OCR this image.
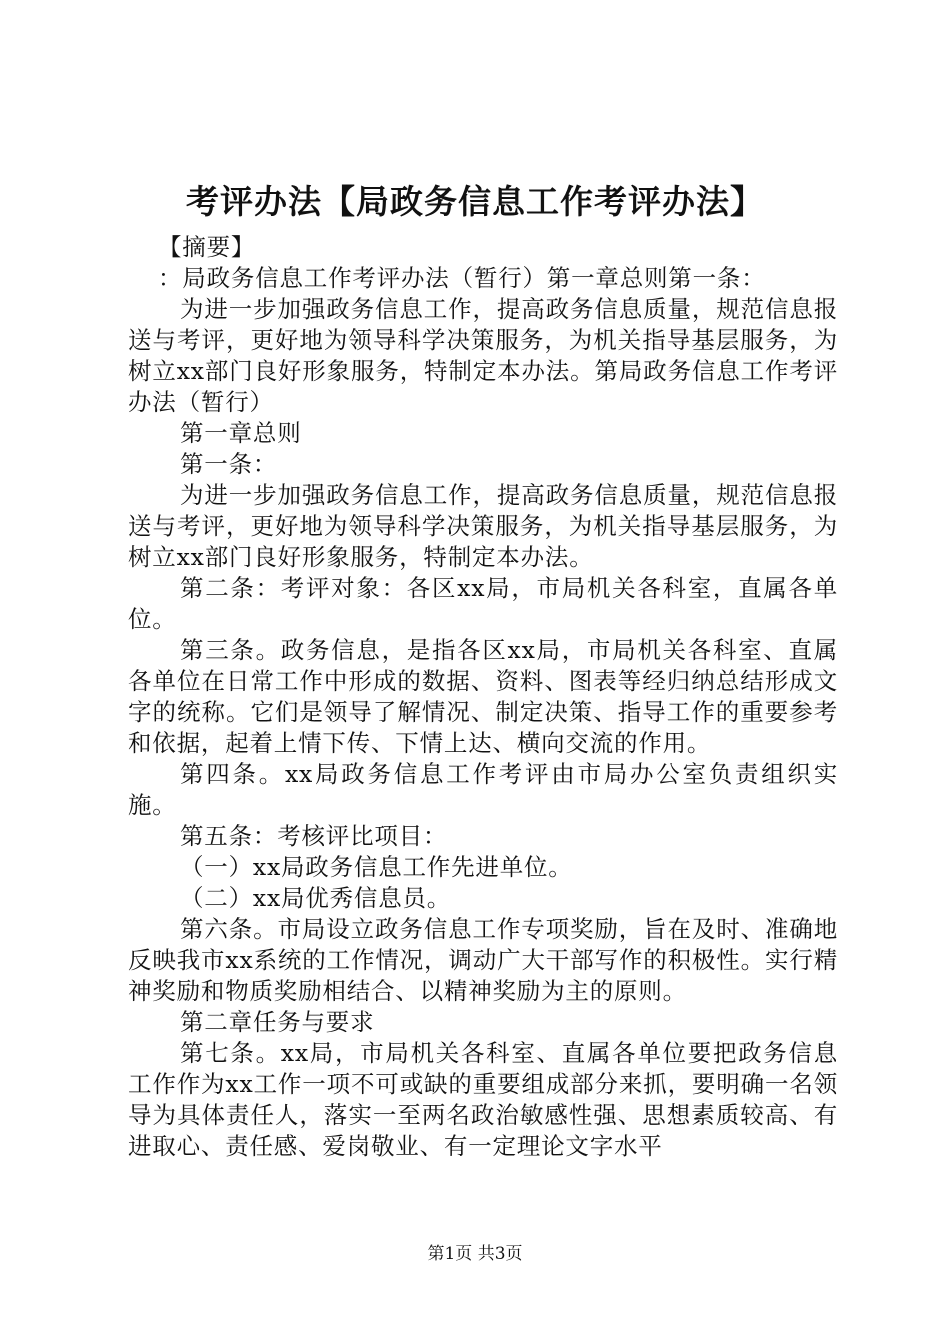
考评办法【局政务信息工作考评办法】

【摘要】

：局政务信息工作考评办法（暂行）第一章总则第一条：

为进一步加强政务信息工作，提高政务信息质量，规范信息报送与考评，更好地为领导科学决策服务，为机关指导基层服务，为树立xx部门良好形象服务，特制定本办法。第局政务信息工作考评办法（暂行）

第一章总则

第一条：

为进一步加强政务信息工作，提高政务信息质量，规范信息报送与考评，更好地为领导科学决策服务，为机关指导基层服务，为树立xx部门良好形象服务，特制定本办法。

第二条：考评对象：各区xx局，市局机关各科室，直属各单位。

第三条。政务信息，是指各区xx局，市局机关各科室、直属各单位在日常工作中形成的数据、资料、图表等经归纳总结形成文字的统称。它们是领导了解情况、制定决策、指导工作的重要参考和依据，起着上情下传、下情上达、横向交流的作用。

第四条。xx局政务信息工作考评由市局办公室负责组织实施。

第五条：考核评比项目：

（一）xx局政务信息工作先进单位。

（二）xx局优秀信息员。

第六条。市局设立政务信息工作专项奖励，旨在及时、准确地反映我市xx系统的工作情况，调动广大干部写作的积极性。实行精神奖励和物质奖励相结合、以精神奖励为主的原则。

第二章任务与要求

第七条。xx局，市局机关各科室、直属各单位要把政务信息工作作为xx工作一项不可或缺的重要组成部分来抓，要明确一名领导为具体责任人，落实一至两名政治敏感性强、思想素质较高、有进取心、责任感、爱岗敬业、有一定理论文字水平

第1页 共3页
